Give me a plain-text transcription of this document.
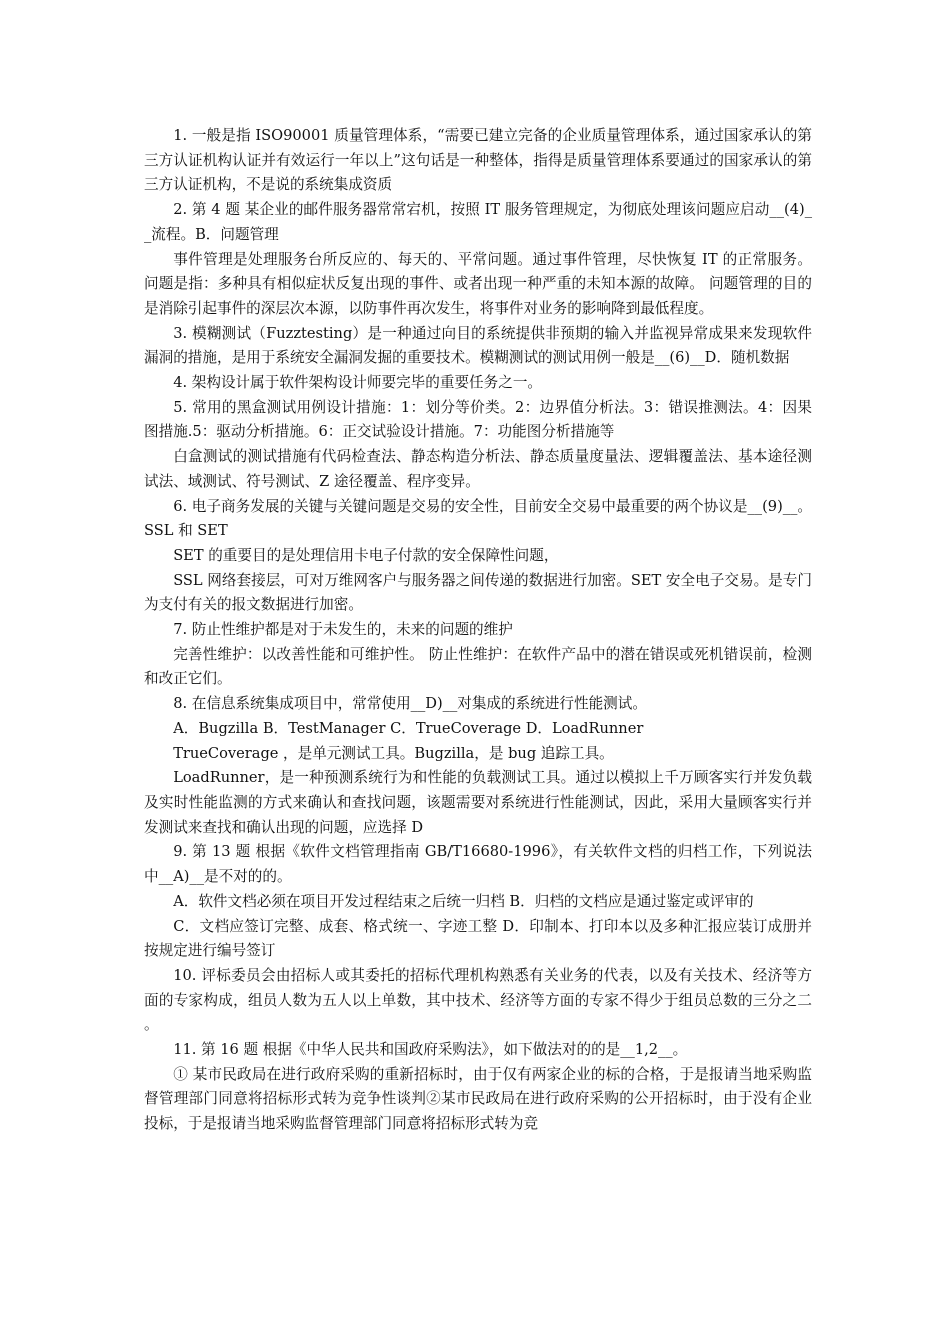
1. 一般是指 ISO90001 质量管理体系，“需要已建立完备的企业质量管理体系，通过国家承认的第三方认证机构认证并有效运行一年以上”这句话是一种整体，指得是质量管理体系要通过的国家承认的第三方认证机构，不是说的系统集成资质

2. 第 4 题 某企业的邮件服务器常常宕机，按照 IT 服务管理规定，为彻底处理该问题应启动__(4)__流程。B．问题管理

事件管理是处理服务台所反应的、每天的、平常问题。通过事件管理，尽快恢复 IT 的正常服务。 问题是指：多种具有相似症状反复出现的事件、或者出现一种严重的未知本源的故障。 问题管理的目的是消除引起事件的深层次本源，以防事件再次发生，将事件对业务的影响降到最低程度。

3. 模糊测试（Fuzztesting）是一种通过向目的系统提供非预期的输入并监视异常成果来发现软件漏洞的措施，是用于系统安全漏洞发掘的重要技术。模糊测试的测试用例一般是__(6)__D．随机数据

4. 架构设计属于软件架构设计师要完毕的重要任务之一。

5. 常用的黑盒测试用例设计措施：1：划分等价类。2：边界值分析法。3：错误推测法。4：因果图措施.5：驱动分析措施。6：正交试验设计措施。7：功能图分析措施等

白盒测试的测试措施有代码检查法、静态构造分析法、静态质量度量法、逻辑覆盖法、基本途径测试法、域测试、符号测试、Z 途径覆盖、程序变异。

6. 电子商务发展的关键与关键问题是交易的安全性，目前安全交易中最重要的两个协议是__(9)__。SSL 和 SET

SET 的重要目的是处理信用卡电子付款的安全保障性问题，

SSL 网络套接层，可对万维网客户与服务器之间传递的数据进行加密。SET 安全电子交易。是专门为支付有关的报文数据进行加密。

7. 防止性维护都是对于未发生的，未来的问题的维护

完善性维护：以改善性能和可维护性。 防止性维护：在软件产品中的潜在错误或死机错误前，检测和改正它们。

8. 在信息系统集成项目中，常常使用__D)__对集成的系统进行性能测试。

A．Bugzilla B．TestManager C．TrueCoverage D．LoadRunner

TrueCoverage ，是单元测试工具。Bugzilla，是 bug 追踪工具。

LoadRunner，是一种预测系统行为和性能的负载测试工具。通过以模拟上千万顾客实行并发负载及实时性能监测的方式来确认和查找问题，该题需要对系统进行性能测试，因此，采用大量顾客实行并发测试来查找和确认出现的问题，应选择 D

9. 第 13 题 根据《软件文档管理指南 GB/T16680-1996》，有关软件文档的归档工作，下列说法中__A)__是不对的的。

A．软件文档必须在项目开发过程结束之后统一归档 B．归档的文档应是通过鉴定或评审的

C．文档应签订完整、成套、格式统一、字迹工整 D．印制本、打印本以及多种汇报应装订成册并按规定进行编号签订

10. 评标委员会由招标人或其委托的招标代理机构熟悉有关业务的代表，以及有关技术、经济等方面的专家构成，组员人数为五人以上单数，其中技术、经济等方面的专家不得少于组员总数的三分之二。

11. 第 16 题 根据《中华人民共和国政府采购法》，如下做法对的的是__1,2__。

① 某市民政局在进行政府采购的重新招标时，由于仅有两家企业的标的合格，于是报请当地采购监督管理部门同意将招标形式转为竞争性谈判②某市民政局在进行政府采购的公开招标时，由于没有企业投标，于是报请当地采购监督管理部门同意将招标形式转为竞
